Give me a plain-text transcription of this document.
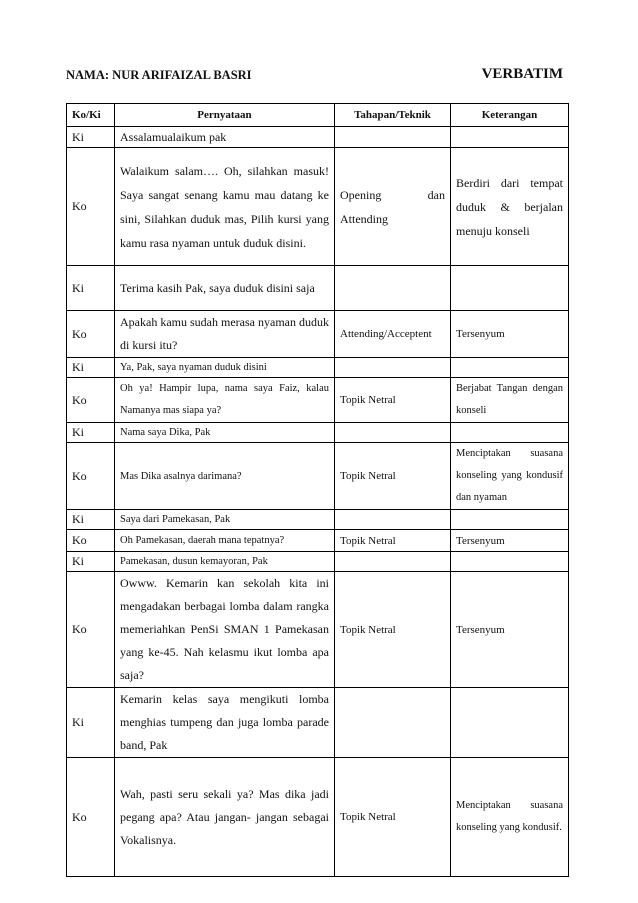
NAMA: NUR ARIFAIZAL BASRI	VERBATIM
Ko/Ki	Pernyataan	Tahapan/Teknik	Keterangan
Ki	Assalamualaikum pak		
Ko	Walaikum salam…. Oh, silahkan masuk! Saya sangat senang kamu mau datang ke sini, Silahkan duduk mas, Pilih kursi yang kamu rasa nyaman untuk duduk disini.	Opening dan Attending	Berdiri dari tempat duduk & berjalan menuju konseli
Ki	Terima kasih Pak, saya duduk disini saja		
Ko	Apakah kamu sudah merasa nyaman duduk di kursi itu?	Attending/Acceptent	Tersenyum
Ki	Ya, Pak, saya nyaman duduk disini		
Ko	Oh ya! Hampir lupa, nama saya Faiz, kalau Namanya mas siapa ya?	Topik Netral	Berjabat Tangan dengan konseli
Ki	Nama saya Dika, Pak		
Ko	Mas Dika asalnya darimana?	Topik Netral	Menciptakan suasana konseling yang kondusif dan nyaman
Ki	Saya dari Pamekasan, Pak		
Ko	Oh Pamekasan, daerah mana tepatnya?	Topik Netral	Tersenyum
Ki	Pamekasan, dusun kemayoran, Pak		
Ko	Owww. Kemarin kan sekolah kita ini mengadakan berbagai lomba dalam rangka memeriahkan PenSi SMAN 1 Pamekasan yang ke-45. Nah kelasmu ikut lomba apa saja?	Topik Netral	Tersenyum
Ki	Kemarin kelas saya mengikuti lomba menghias tumpeng dan juga lomba parade band, Pak		
Ko	Wah, pasti seru sekali ya? Mas dika jadi pegang apa? Atau jangan- jangan sebagai Vokalisnya.	Topik Netral	Menciptakan suasana konseling yang kondusif.
